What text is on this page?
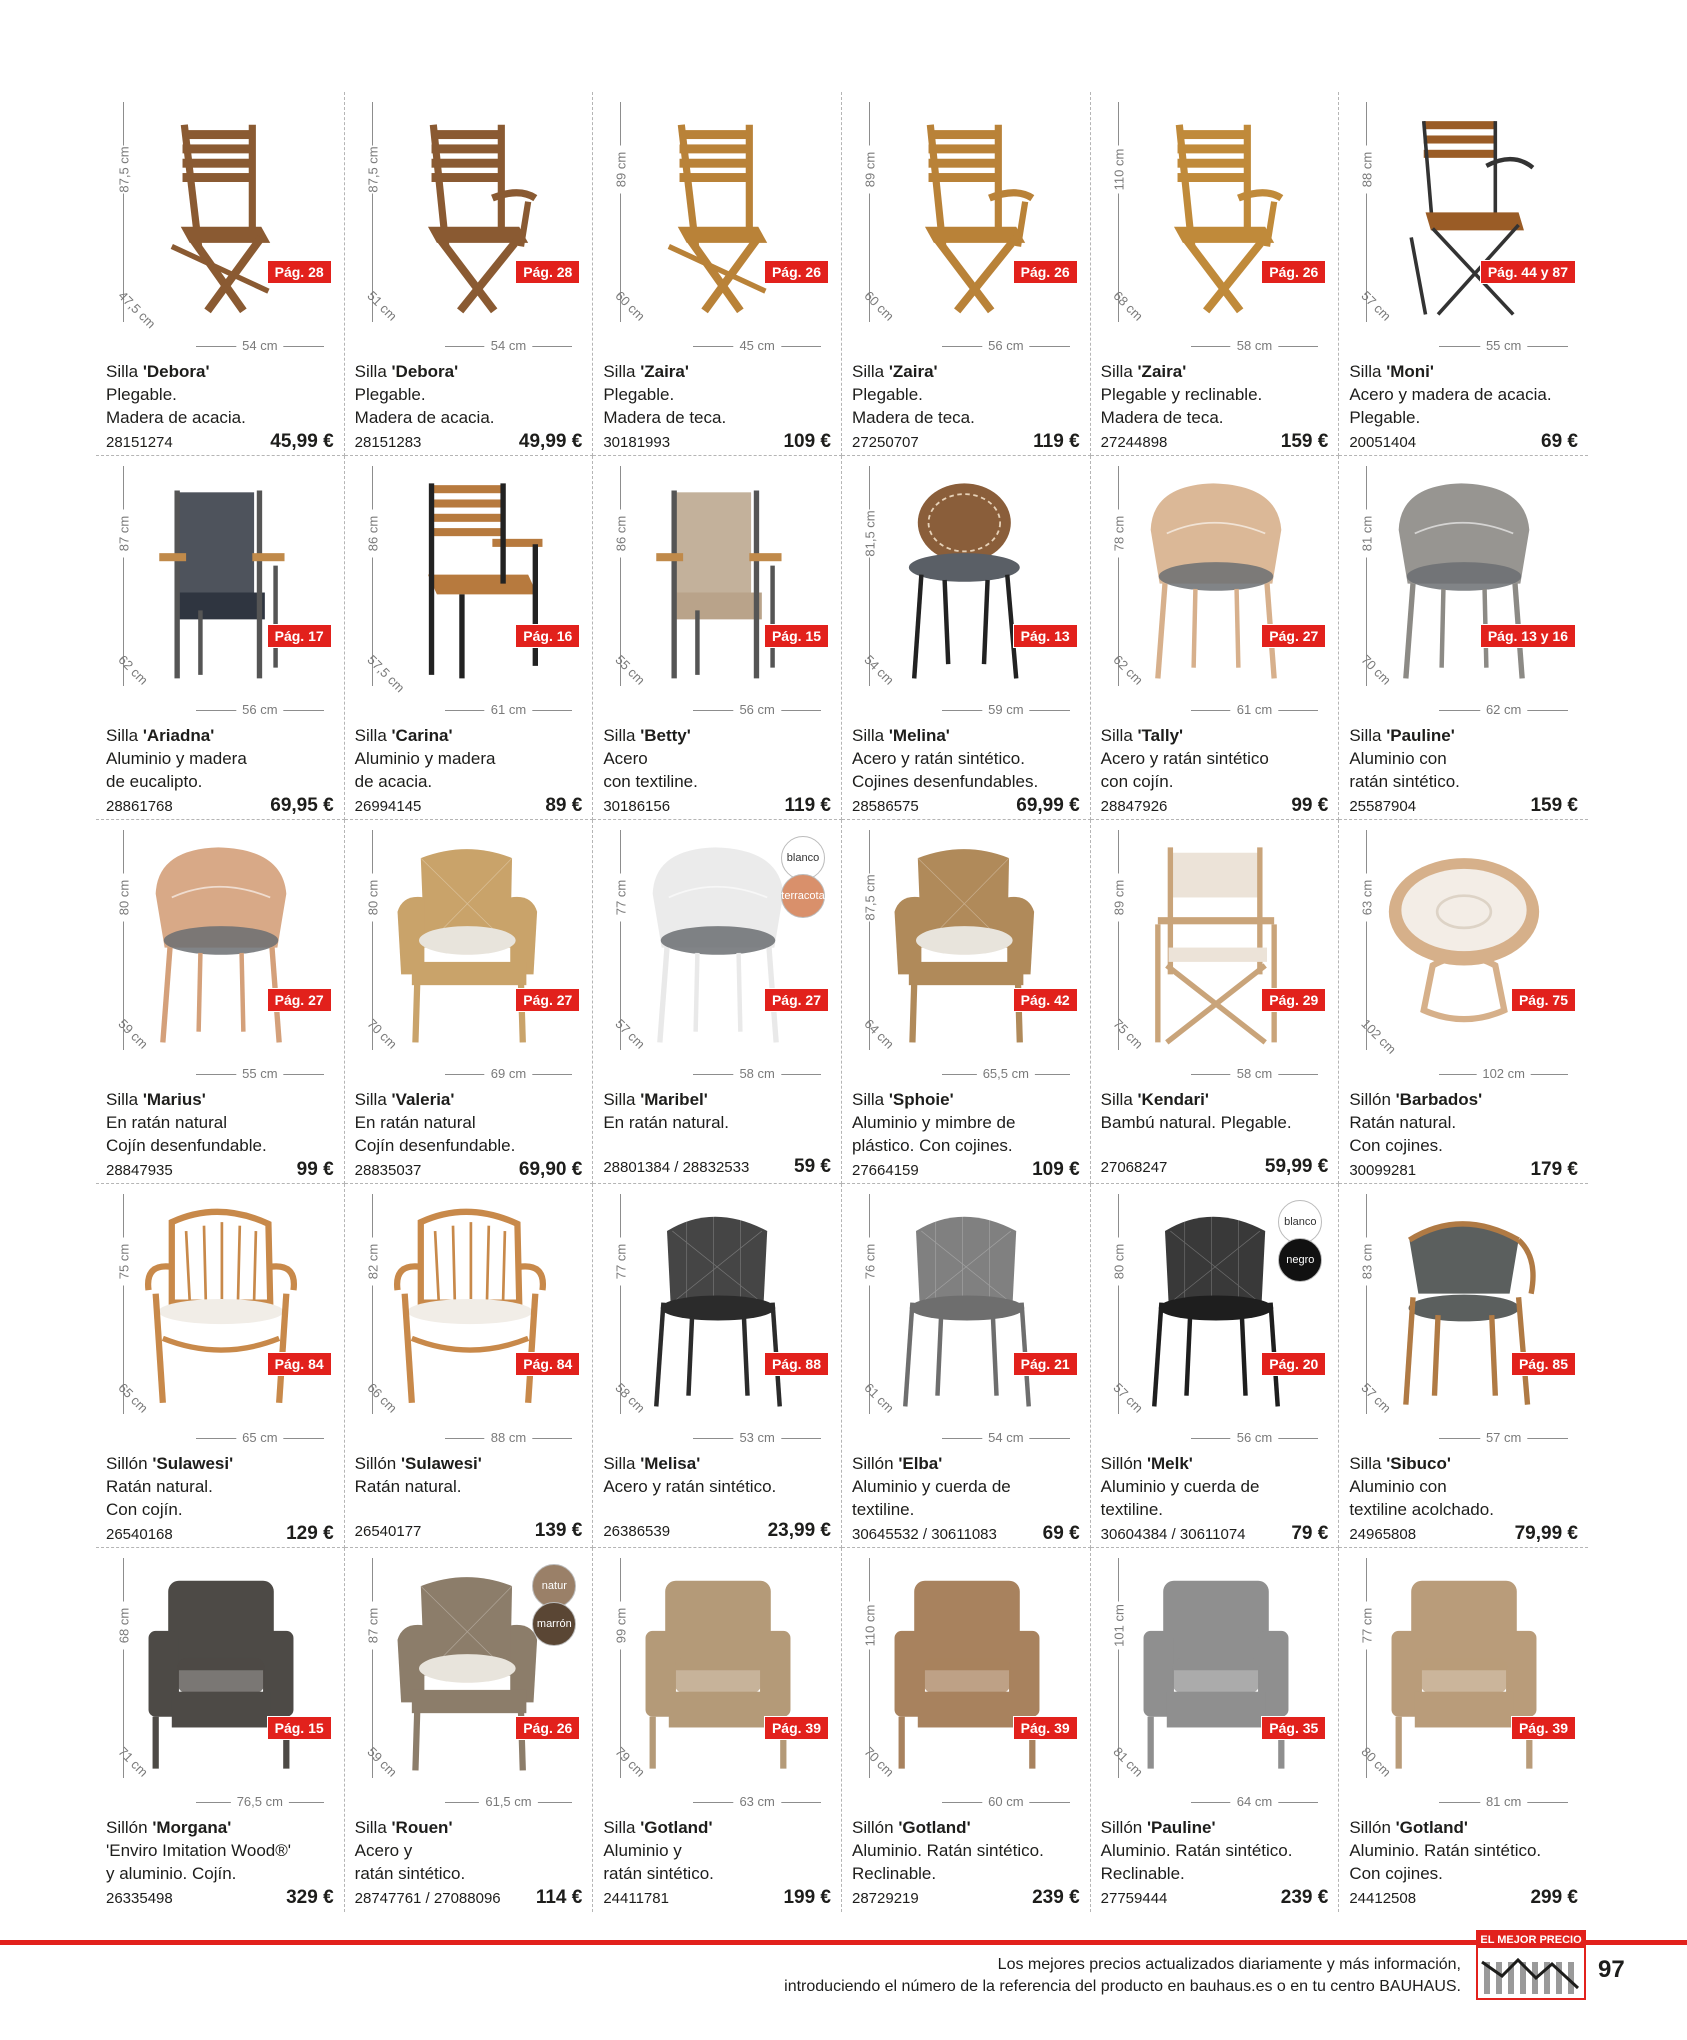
87,5 cm
Pág. 28
47,5 cm
54 cm
Silla 'Debora'
Plegable.
Madera de acacia.
28151274	45,99 €
87,5 cm
Pág. 28
51 cm
54 cm
Silla 'Debora'
Plegable.
Madera de acacia.
28151283	49,99 €
89 cm
Pág. 26
60 cm
45 cm
Silla 'Zaira'
Plegable.
Madera de teca.
30181993	109 €
89 cm
Pág. 26
60 cm
56 cm
Silla 'Zaira'
Plegable.
Madera de teca.
27250707	119 €
110 cm
Pág. 26
68 cm
58 cm
Silla 'Zaira'
Plegable y reclinable.
Madera de teca.
27244898	159 €
88 cm
Pág. 44 y 87
57 cm
55 cm
Silla 'Moni'
Acero y madera de acacia.
Plegable.
20051404	69 €
87 cm
Pág. 17
62 cm
56 cm
Silla 'Ariadna'
Aluminio y madera
de eucalipto.
28861768	69,95 €
86 cm
Pág. 16
57,5 cm
61 cm
Silla 'Carina'
Aluminio y madera
de acacia.
26994145	89 €
86 cm
Pág. 15
55 cm
56 cm
Silla 'Betty'
Acero
con textiline.
30186156	119 €
81,5 cm
Pág. 13
54 cm
59 cm
Silla 'Melina'
Acero y ratán sintético.
Cojines desenfundables.
28586575	69,99 €
78 cm
Pág. 27
62 cm
61 cm
Silla 'Tally'
Acero y ratán sintético
con cojín.
28847926	99 €
81 cm
Pág. 13 y 16
70 cm
62 cm
Silla 'Pauline'
Aluminio con
ratán sintético.
25587904	159 €
80 cm
Pág. 27
59 cm
55 cm
Silla 'Marius'
En ratán natural
Cojín desenfundable.
28847935	99 €
80 cm
Pág. 27
70 cm
69 cm
Silla 'Valeria'
En ratán natural
Cojín desenfundable.
28835037	69,90 €
77 cm
blanco
terracota
Pág. 27
57 cm
58 cm
Silla 'Maribel'
En ratán natural.
28801384 / 28832533 59 €
87,5 cm
Pág. 42
64 cm
65,5 cm
Silla 'Sphoie'
Aluminio y mimbre de
plástico. Con cojines.
27664159	109 €
89 cm
Pág. 29
75 cm
58 cm
Silla 'Kendari'
Bambú natural. Plegable.
27068247	59,99 €
63 cm
Pág. 75
102 cm
102 cm
Sillón 'Barbados'
Ratán natural.
Con cojines.
30099281	179 €
75 cm
Pág. 84
65 cm
65 cm
Sillón 'Sulawesi'
Ratán natural.
Con cojín.
26540168	129 €
82 cm
Pág. 84
66 cm
88 cm
Sillón 'Sulawesi'
Ratán natural.
26540177	139 €
77 cm
Pág. 88
58 cm
53 cm
Silla 'Melisa'
Acero y ratán sintético.
26386539	23,99 €
76 cm
Pág. 21
61 cm
54 cm
Sillón 'Elba'
Aluminio y cuerda de
textiline.
30645532 / 30611083 69 €
80 cm
blanco
negro
Pág. 20
57 cm
56 cm
Sillón 'Melk'
Aluminio y cuerda de
textiline.
30604384 / 30611074 79 €
83 cm
Pág. 85
57 cm
57 cm
Silla 'Sibuco'
Aluminio con
textiline acolchado.
24965808	79,99 €
68 cm
Pág. 15
71 cm
76,5 cm
Sillón 'Morgana'
'Enviro Imitation Wood®'
y aluminio. Cojín.
26335498	329 €
87 cm
natur
marrón
Pág. 26
59 cm
61,5 cm
Silla 'Rouen'
Acero y
ratán sintético.
28747761 / 27088096 114 €
99 cm
Pág. 39
79 cm
63 cm
Silla 'Gotland'
Aluminio y
ratán sintético.
24411781	199 €
110 cm
Pág. 39
70 cm
60 cm
Sillón 'Gotland'
Aluminio. Ratán sintético.
Reclinable.
28729219	239 €
101 cm
Pág. 35
81 cm
64 cm
Sillón 'Pauline'
Aluminio. Ratán sintético.
Reclinable.
27759444	239 €
77 cm
Pág. 39
80 cm
81 cm
Sillón 'Gotland'
Aluminio. Ratán sintético.
Con cojines.
24412508	299 €
Los mejores precios actualizados diariamente y más información,
introduciendo el número de la referencia del producto en bauhaus.es o en tu centro BAUHAUS.
EL MEJOR PRECIO
97
